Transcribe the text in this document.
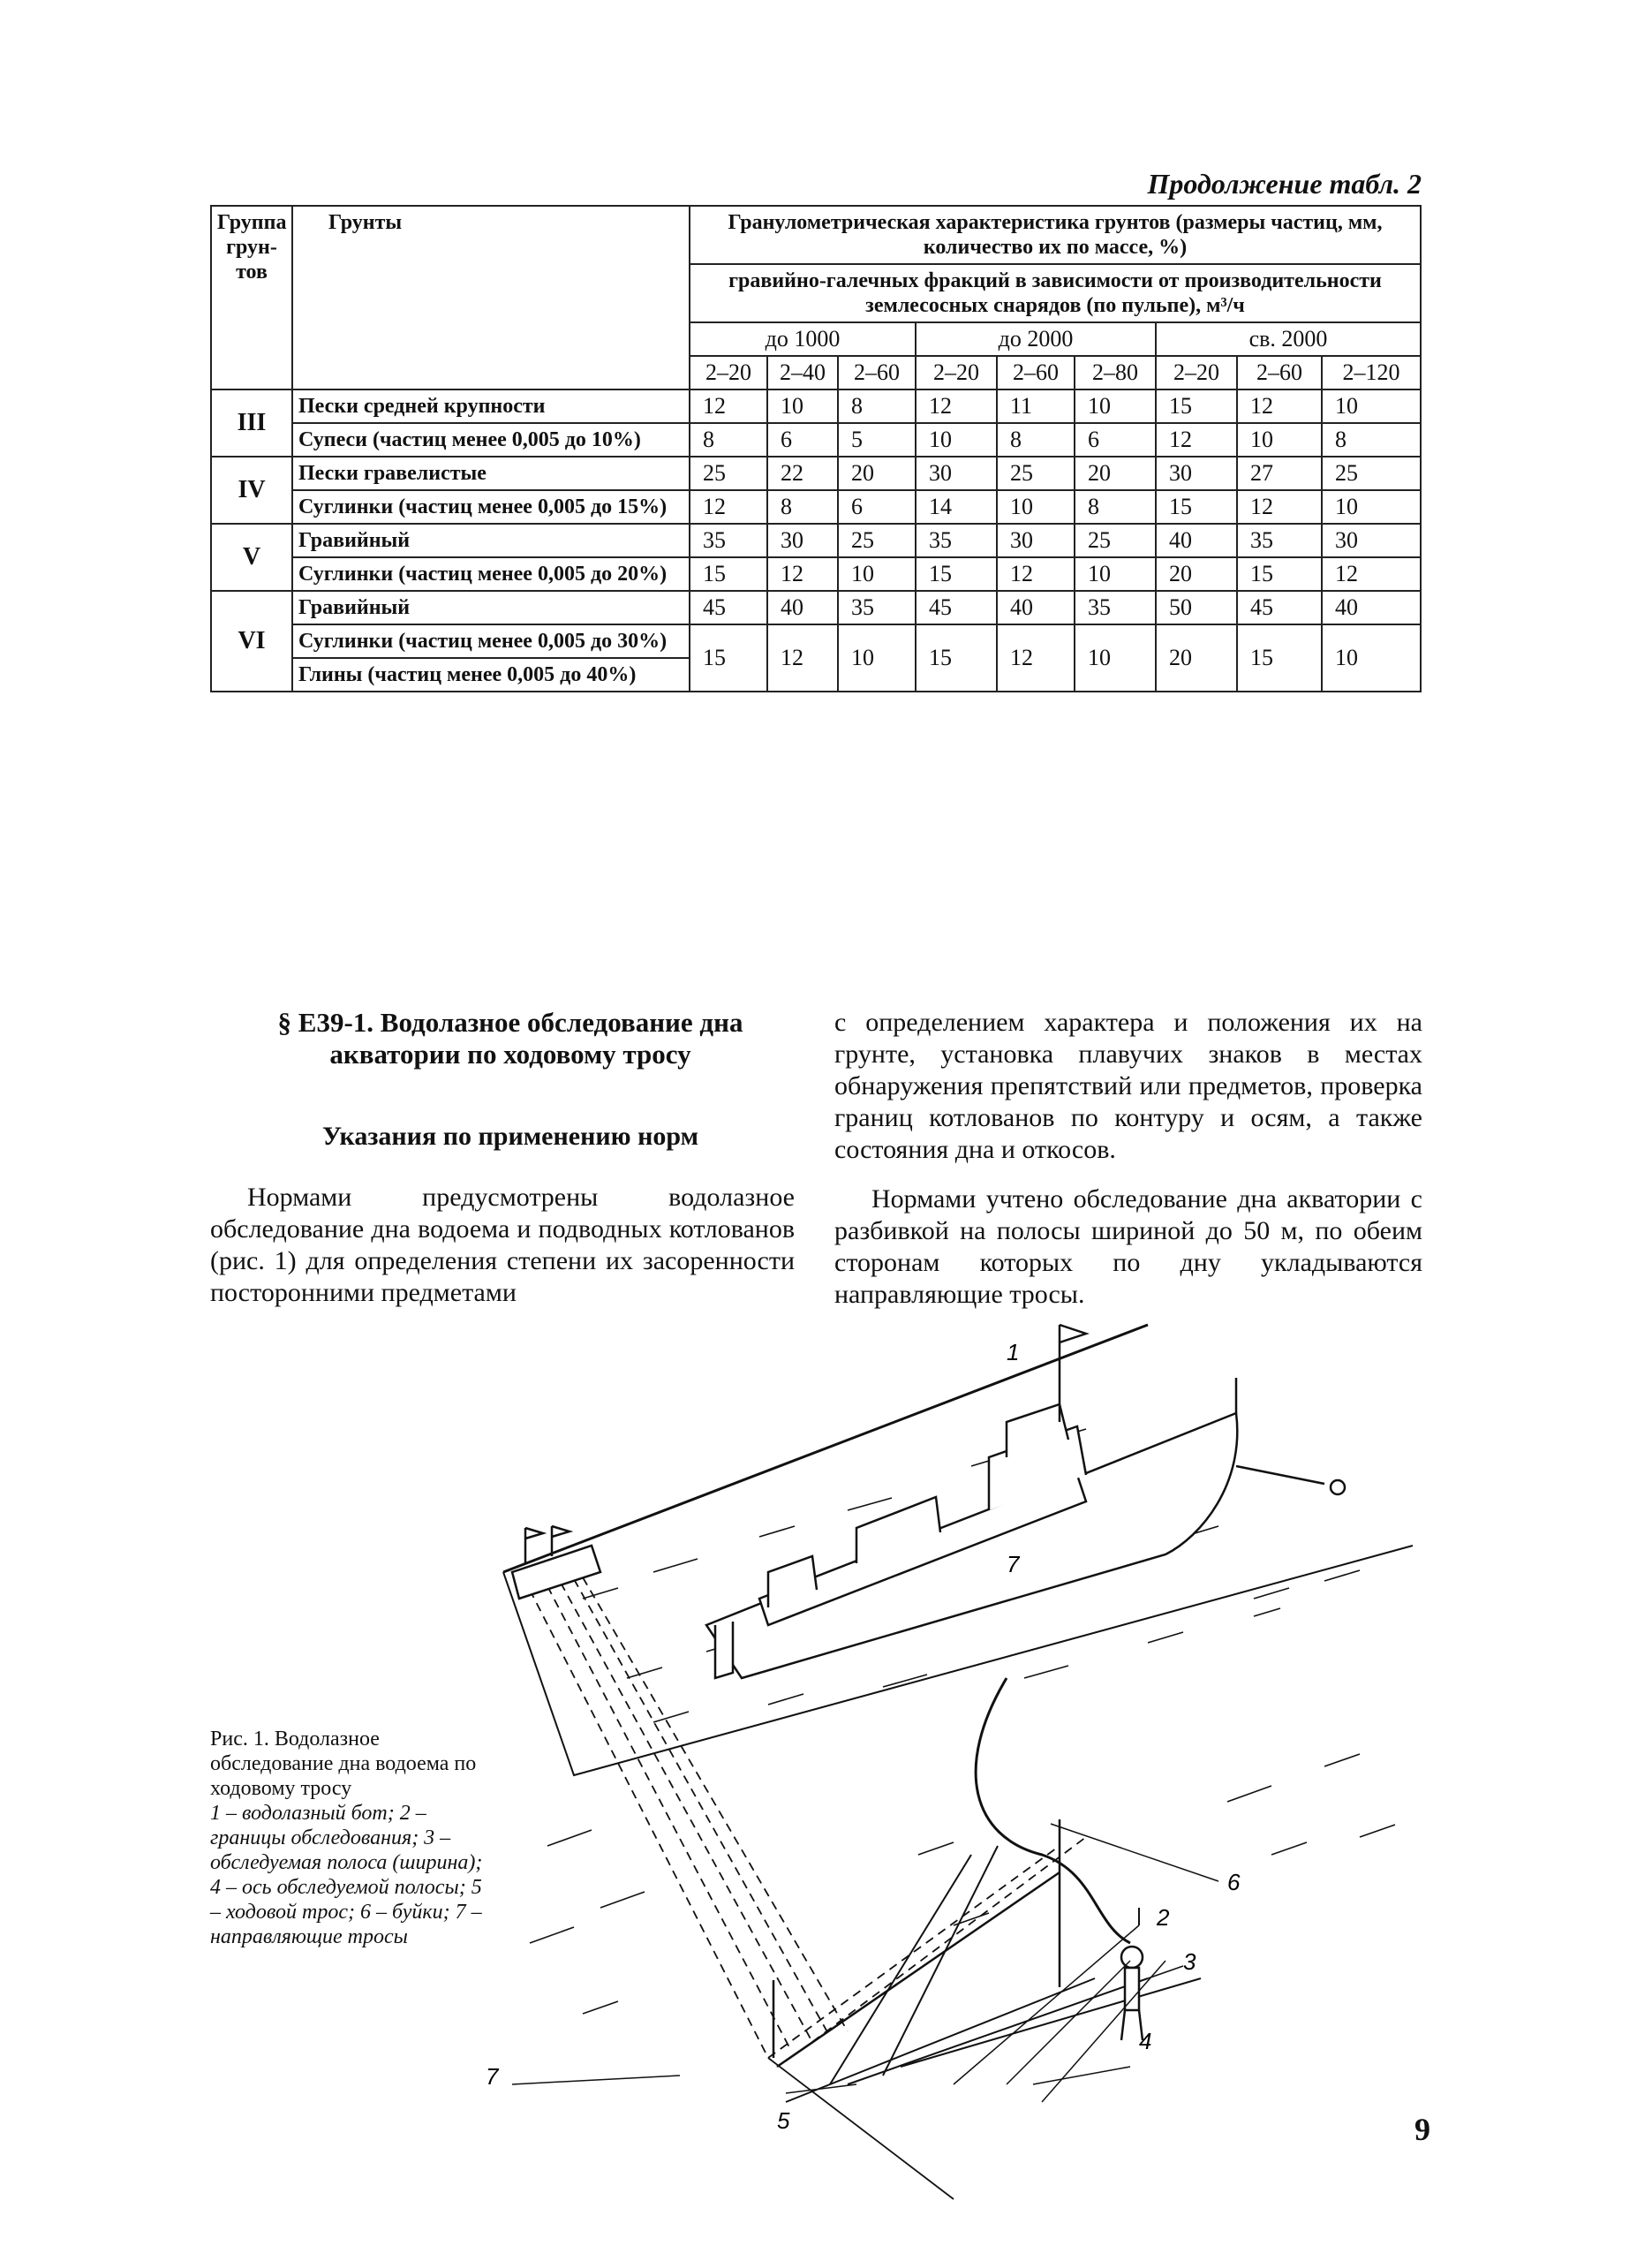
Продолжение табл. 2
Группа грун-тов	Грунты	Гранулометрическая характеристика грунтов (размеры частиц, мм, количество их по массе, %)								
		гравийно-галечных фракций в зависимости от производительности землесосных снарядов (по пульпе), м³/ч								
		до 1000			до 2000			св. 2000		
		2–20	2–40	2–60	2–20	2–60	2–80	2–20	2–60	2–120
III	Пески средней крупности	12	10	8	12	11	10	15	12	10
	Супеси (частиц менее 0,005 до 10%)	8	6	5	10	8	6	12	10	8
IV	Пески гравелистые	25	22	20	30	25	20	30	27	25
	Суглинки (частиц менее 0,005 до 15%)	12	8	6	14	10	8	15	12	10
V	Гравийный	35	30	25	35	30	25	40	35	30
	Суглинки (частиц менее 0,005 до 20%)	15	12	10	15	12	10	20	15	12
VI	Гравийный	45	40	35	45	40	35	50	45	40
	Суглинки (частиц менее 0,005 до 30%)	15	12	10	15	12	10	20	15	10
	Глины (частиц менее 0,005 до 40%)									
§ Е39-1. Водолазное обследование дна акватории по ходовому тросу
Указания по применению норм
Нормами предусмотрены водолазное обследование дна водоема и подводных котлованов (рис. 1) для определения степени их засоренности посторонними предметами
с определением характера и положения их на грунте, установка плавучих знаков в местах обнаружения препятствий или предметов, проверка границ котлованов по контуру и осям, а также состояния дна и откосов.
Нормами учтено обследование дна акватории с разбивкой на полосы шириной до 50 м, по обеим сторонам которых по дну укладываются направляющие тросы.
1
2
3
4
5
6
7
7
Рис. 1. Водолазное обследование дна водоема по ходовому тросу
1 – водолазный бот; 2 – границы обследования; 3 – обследуемая полоса (ширина); 4 – ось обследуемой полосы; 5 – ходовой трос; 6 – буйки; 7 – направляющие тросы
9
